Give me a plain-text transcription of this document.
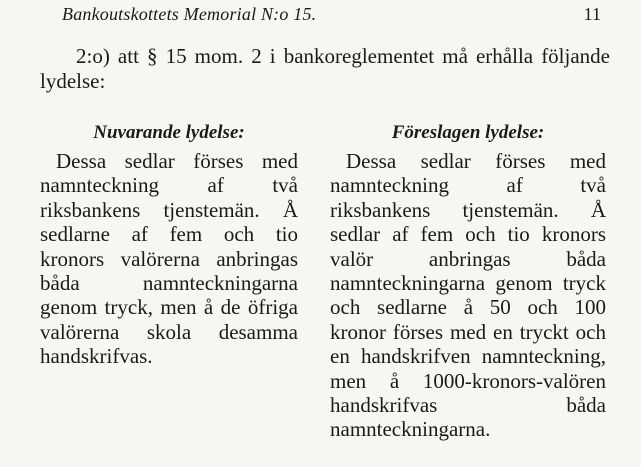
Bankoutskottets Memorial N:o 15.	11

2:o) att § 15 mom. 2 i bankoreglementet må erhålla följande lydelse:

Nuvarande lydelse:

Dessa sedlar förses med namnteckning af två riksbankens tjenstemän. Å sedlarne af fem och tio kronors valörerna anbringas båda namnteckningarna genom tryck, men å de öfriga valörerna skola desamma handskrifvas.

Föreslagen lydelse:

Dessa sedlar förses med namnteckning af två riksbankens tjenstemän. Å sedlar af fem och tio kronors valör anbringas båda namnteckningarna genom tryck och sedlarne å 50 och 100 kronor förses med en tryckt och en handskrifven namnteckning, men å 1000-kronors-valören handskrifvas båda namnteckningarna.
